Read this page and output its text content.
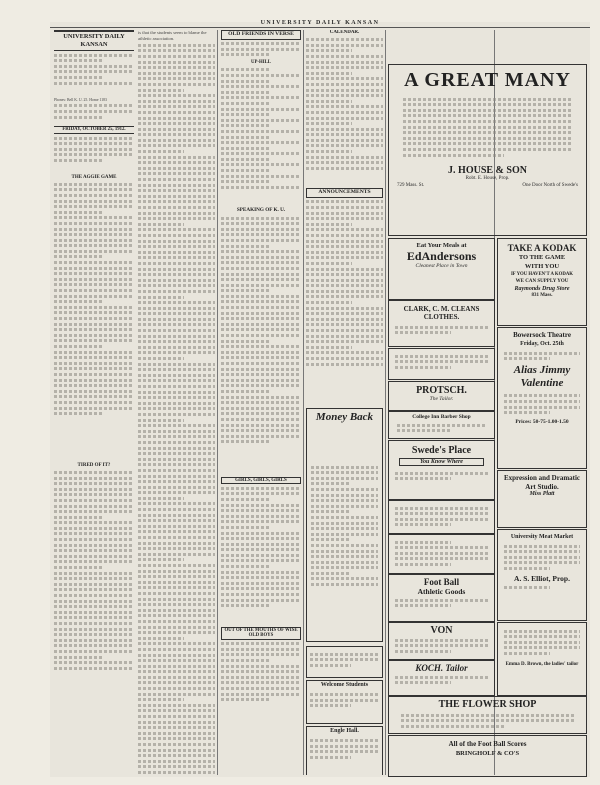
UNIVERSITY DAILY KANSAN
UNIVERSITY DAILY KANSAN
Phones: Bell K. U. 25. Home 1183
FRIDAY, OCTOBER 25, 1912.
THE AGGIE GAME
TIRED OF IT?
is that the students seem to blame the athletic association.
OLD FRIENDS IN VERSE
UP-HILL
SPEAKING OF K. U.
GIRLS, GIRLS, GIRLS
OUT OF THE MOUTHS OF WISE OLD BOYS
CALENDAR.
ANNOUNCEMENTS
Money Back
Welcome Students
Engle Hall.
A GREAT MANY
J. HOUSE & SON
Robt. E. House, Prop.
729 Mass. St.	One Door North of Swede's
Eat Your Meals at
EdAndersons
Cleanest Place in Town
CLARK, C. M. CLEANS CLOTHES.
PROTSCH.
The Tailor.
College Inn Barber Shop
Swede's Place
You Know Where
Foot Ball
Athletic Goods
VON
KOCH. Tailor
THE FLOWER SHOP
All of the Foot Ball Scores
BRINGHOLF & CO'S
TAKE A KODAK
TO THE GAME
WITH YOU
IF YOU HAVEN'T A KODAK
WE CAN SUPPLY YOU
Raymonds Drug Store
831 Mass.
Bowersock Theatre
Friday, Oct. 25th
Alias Jimmy Valentine
Prices: 50-75-1.00-1.50
Expression and Dramatic Art Studio.
Miss Platt
University Meat Market
A. S. Elliot, Prop.
Emma D. Brown, the ladies' tailor
